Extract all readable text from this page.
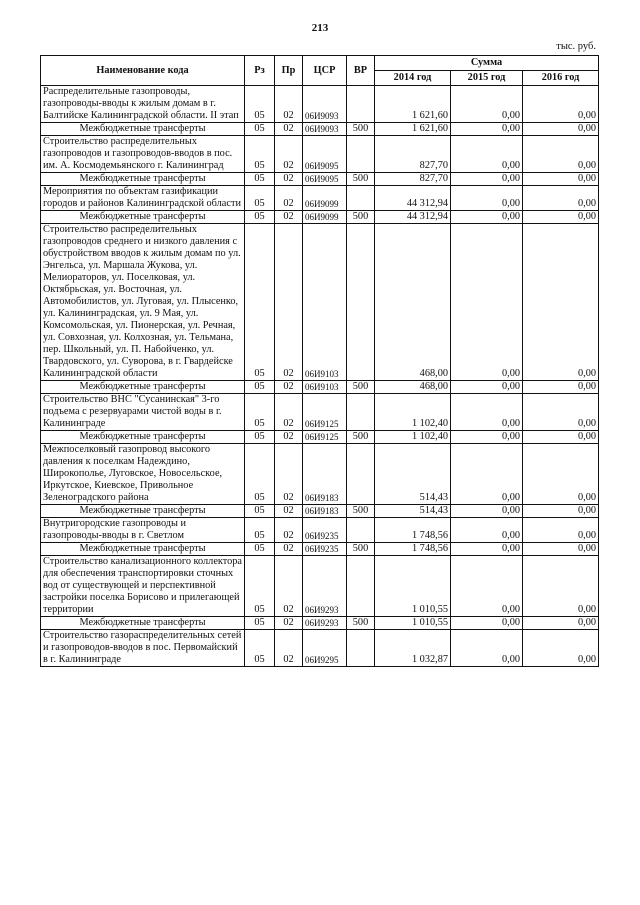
213
тыс. руб.
Наименование кода	Рз	Пр	ЦСР	ВР	Сумма		
					2014 год	2015 год	2016 год
Распределительные газопроводы, газопроводы-вводы к жилым домам в г. Балтийске Калининградской области. II этап	05	02	06И9093		1 621,60	0,00	0,00
Межбюджетные трансферты	05	02	06И9093	500	1 621,60	0,00	0,00
Строительство распределительных газопроводов и газопроводов-вводов в пос. им. А. Космодемьянского г. Калининград	05	02	06И9095		827,70	0,00	0,00
Межбюджетные трансферты	05	02	06И9095	500	827,70	0,00	0,00
Мероприятия по объектам газификации городов и районов Калининградской области	05	02	06И9099		44 312,94	0,00	0,00
Межбюджетные трансферты	05	02	06И9099	500	44 312,94	0,00	0,00
Строительство распределительных газопроводов среднего и низкого давления с обустройством вводов к жилым домам по ул. Энгельса, ул. Маршала Жукова, ул. Мелиораторов, ул. Поселковая, ул. Октябрьская, ул. Восточная, ул. Автомобилистов, ул. Луговая, ул. Плысенко, ул. Калининградская, ул. 9 Мая, ул. Комсомольская, ул. Пионерская, ул. Речная, ул. Совхозная, ул. Колхозная, ул. Тельмана, пер. Школьный, ул. П. Набойченко, ул. Твардовского, ул. Суворова, в г. Гвардейске Калининградской области	05	02	06И9103		468,00	0,00	0,00
Межбюджетные трансферты	05	02	06И9103	500	468,00	0,00	0,00
Строительство ВНС "Сусанинская" 3-го подъема с резервуарами чистой воды в г. Калининграде	05	02	06И9125		1 102,40	0,00	0,00
Межбюджетные трансферты	05	02	06И9125	500	1 102,40	0,00	0,00
Межпоселковый газопровод высокого давления к поселкам Надеждино, Широкополье, Луговское, Новосельское, Иркутское, Киевское, Привольное Зеленоградского района	05	02	06И9183		514,43	0,00	0,00
Межбюджетные трансферты	05	02	06И9183	500	514,43	0,00	0,00
Внутригородские газопроводы и газопроводы-вводы в г. Светлом	05	02	06И9235		1 748,56	0,00	0,00
Межбюджетные трансферты	05	02	06И9235	500	1 748,56	0,00	0,00
Строительство канализационного коллектора для обеспечения транспортировки сточных вод от существующей и перспективной застройки поселка Борисово и прилегающей территории	05	02	06И9293		1 010,55	0,00	0,00
Межбюджетные трансферты	05	02	06И9293	500	1 010,55	0,00	0,00
Строительство газораспределительных сетей и газопроводов-вводов в пос. Первомайский в г. Калининграде	05	02	06И9295		1 032,87	0,00	0,00
